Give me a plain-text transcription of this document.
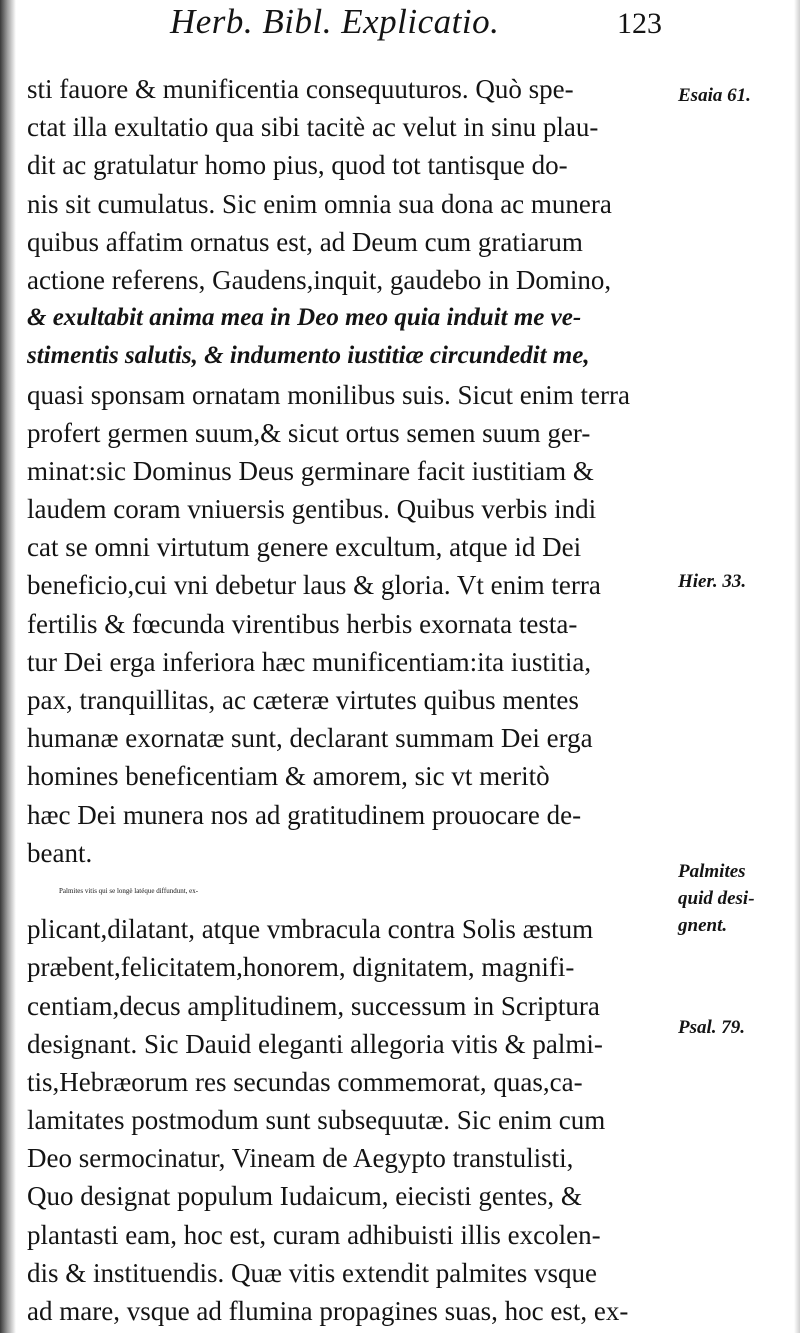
Herb. Bibl. Explicatio.	123
sti fauore & munificentia consequuturos. Quò spe-
ctat illa exultatio qua sibi tacitè ac velut in sinu plau-
dit ac gratulatur homo pius, quod tot tantisque do-
nis sit cumulatus. Sic enim omnia sua dona ac munera
quibus affatim ornatus est, ad Deum cum gratiarum
actione referens, Gaudens,inquit, gaudebo in Domino,
& exultabit anima mea in Deo meo quia induit me ve-
stimentis salutis, & indumento iustitiæ circundedit me,
quasi sponsam ornatam monilibus suis. Sicut enim terra
profert germen suum,& sicut ortus semen suum ger-
minat:sic Dominus Deus germinare facit iustitiam &
laudem coram vniuersis gentibus. Quibus verbis indi
cat se omni virtutum genere excultum, atque id Dei
beneficio,cui vni debetur laus & gloria. Vt enim terra
fertilis & fœcunda virentibus herbis exornata testa-
tur Dei erga inferiora hæc munificentiam:ita iustitia,
pax, tranquillitas, ac cæteræ virtutes quibus mentes
humanæ exornatæ sunt, declarant summam Dei erga
homines beneficentiam & amorem, sic vt meritò
hæc Dei munera nos ad gratitudinem prouocare de-
beant.
Palmites vitis qui se longè latéque diffundunt, ex-
plicant,dilatant, atque vmbracula contra Solis æstum
præbent,felicitatem,honorem, dignitatem, magnifi-
centiam,decus amplitudinem, successum in Scriptura
designant. Sic Dauid eleganti allegoria vitis & palmi-
tis,Hebræorum res secundas commemorat, quas,ca-
lamitates postmodum sunt subsequutæ. Sic enim cum
Deo sermocinatur, Vineam de Aegypto transtulisti,
Quo designat populum Iudaicum, eiecisti gentes, &
plantasti eam, hoc est, curam adhibuisti illis excolen-
dis & instituendis. Quæ vitis extendit palmites vsque
ad mare, vsque ad flumina propagines suas, hoc est, ex-
Esaia 61.
Hier. 33.
Palmites
quid desi-
gnent.
Psal. 79.
